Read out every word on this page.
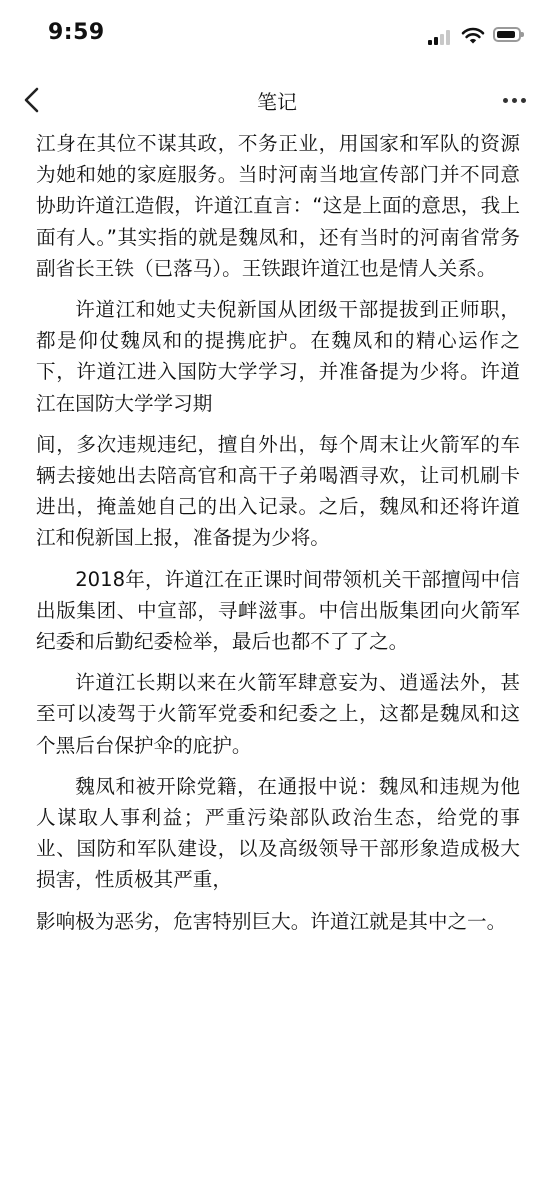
9:59
笔记

江身在其位不谋其政，不务正业，用国家和军队的资源为她和她的家庭服务。当时河南当地宣传部门并不同意协助许道江造假，许道江直言：“这是上面的意思，我上面有人。”其实指的就是魏凤和，还有当时的河南省常务副省长王铁（已落马）。王铁跟许道江也是情人关系。

许道江和她丈夫倪新国从团级干部提拔到正师职，都是仰仗魏凤和的提携庇护。在魏凤和的精心运作之下，许道江进入国防大学学习，并准备提为少将。许道江在国防大学学习期

间，多次违规违纪，擅自外出，每个周末让火箭军的车辆去接她出去陪高官和高干子弟喝酒寻欢，让司机刷卡进出，掩盖她自己的出入记录。之后，魏凤和还将许道江和倪新国上报，准备提为少将。

2018年，许道江在正课时间带领机关干部擅闯中信出版集团、中宣部，寻衅滋事。中信出版集团向火箭军纪委和后勤纪委检举，最后也都不了了之。

许道江长期以来在火箭军肆意妄为、逍遥法外，甚至可以凌驾于火箭军党委和纪委之上，这都是魏凤和这个黑后台保护伞的庇护。

魏凤和被开除党籍，在通报中说：魏凤和违规为他人谋取人事利益；严重污染部队政治生态，给党的事业、国防和军队建设，以及高级领导干部形象造成极大损害，性质极其严重，

影响极为恶劣，危害特别巨大。许道江就是其中之一。
